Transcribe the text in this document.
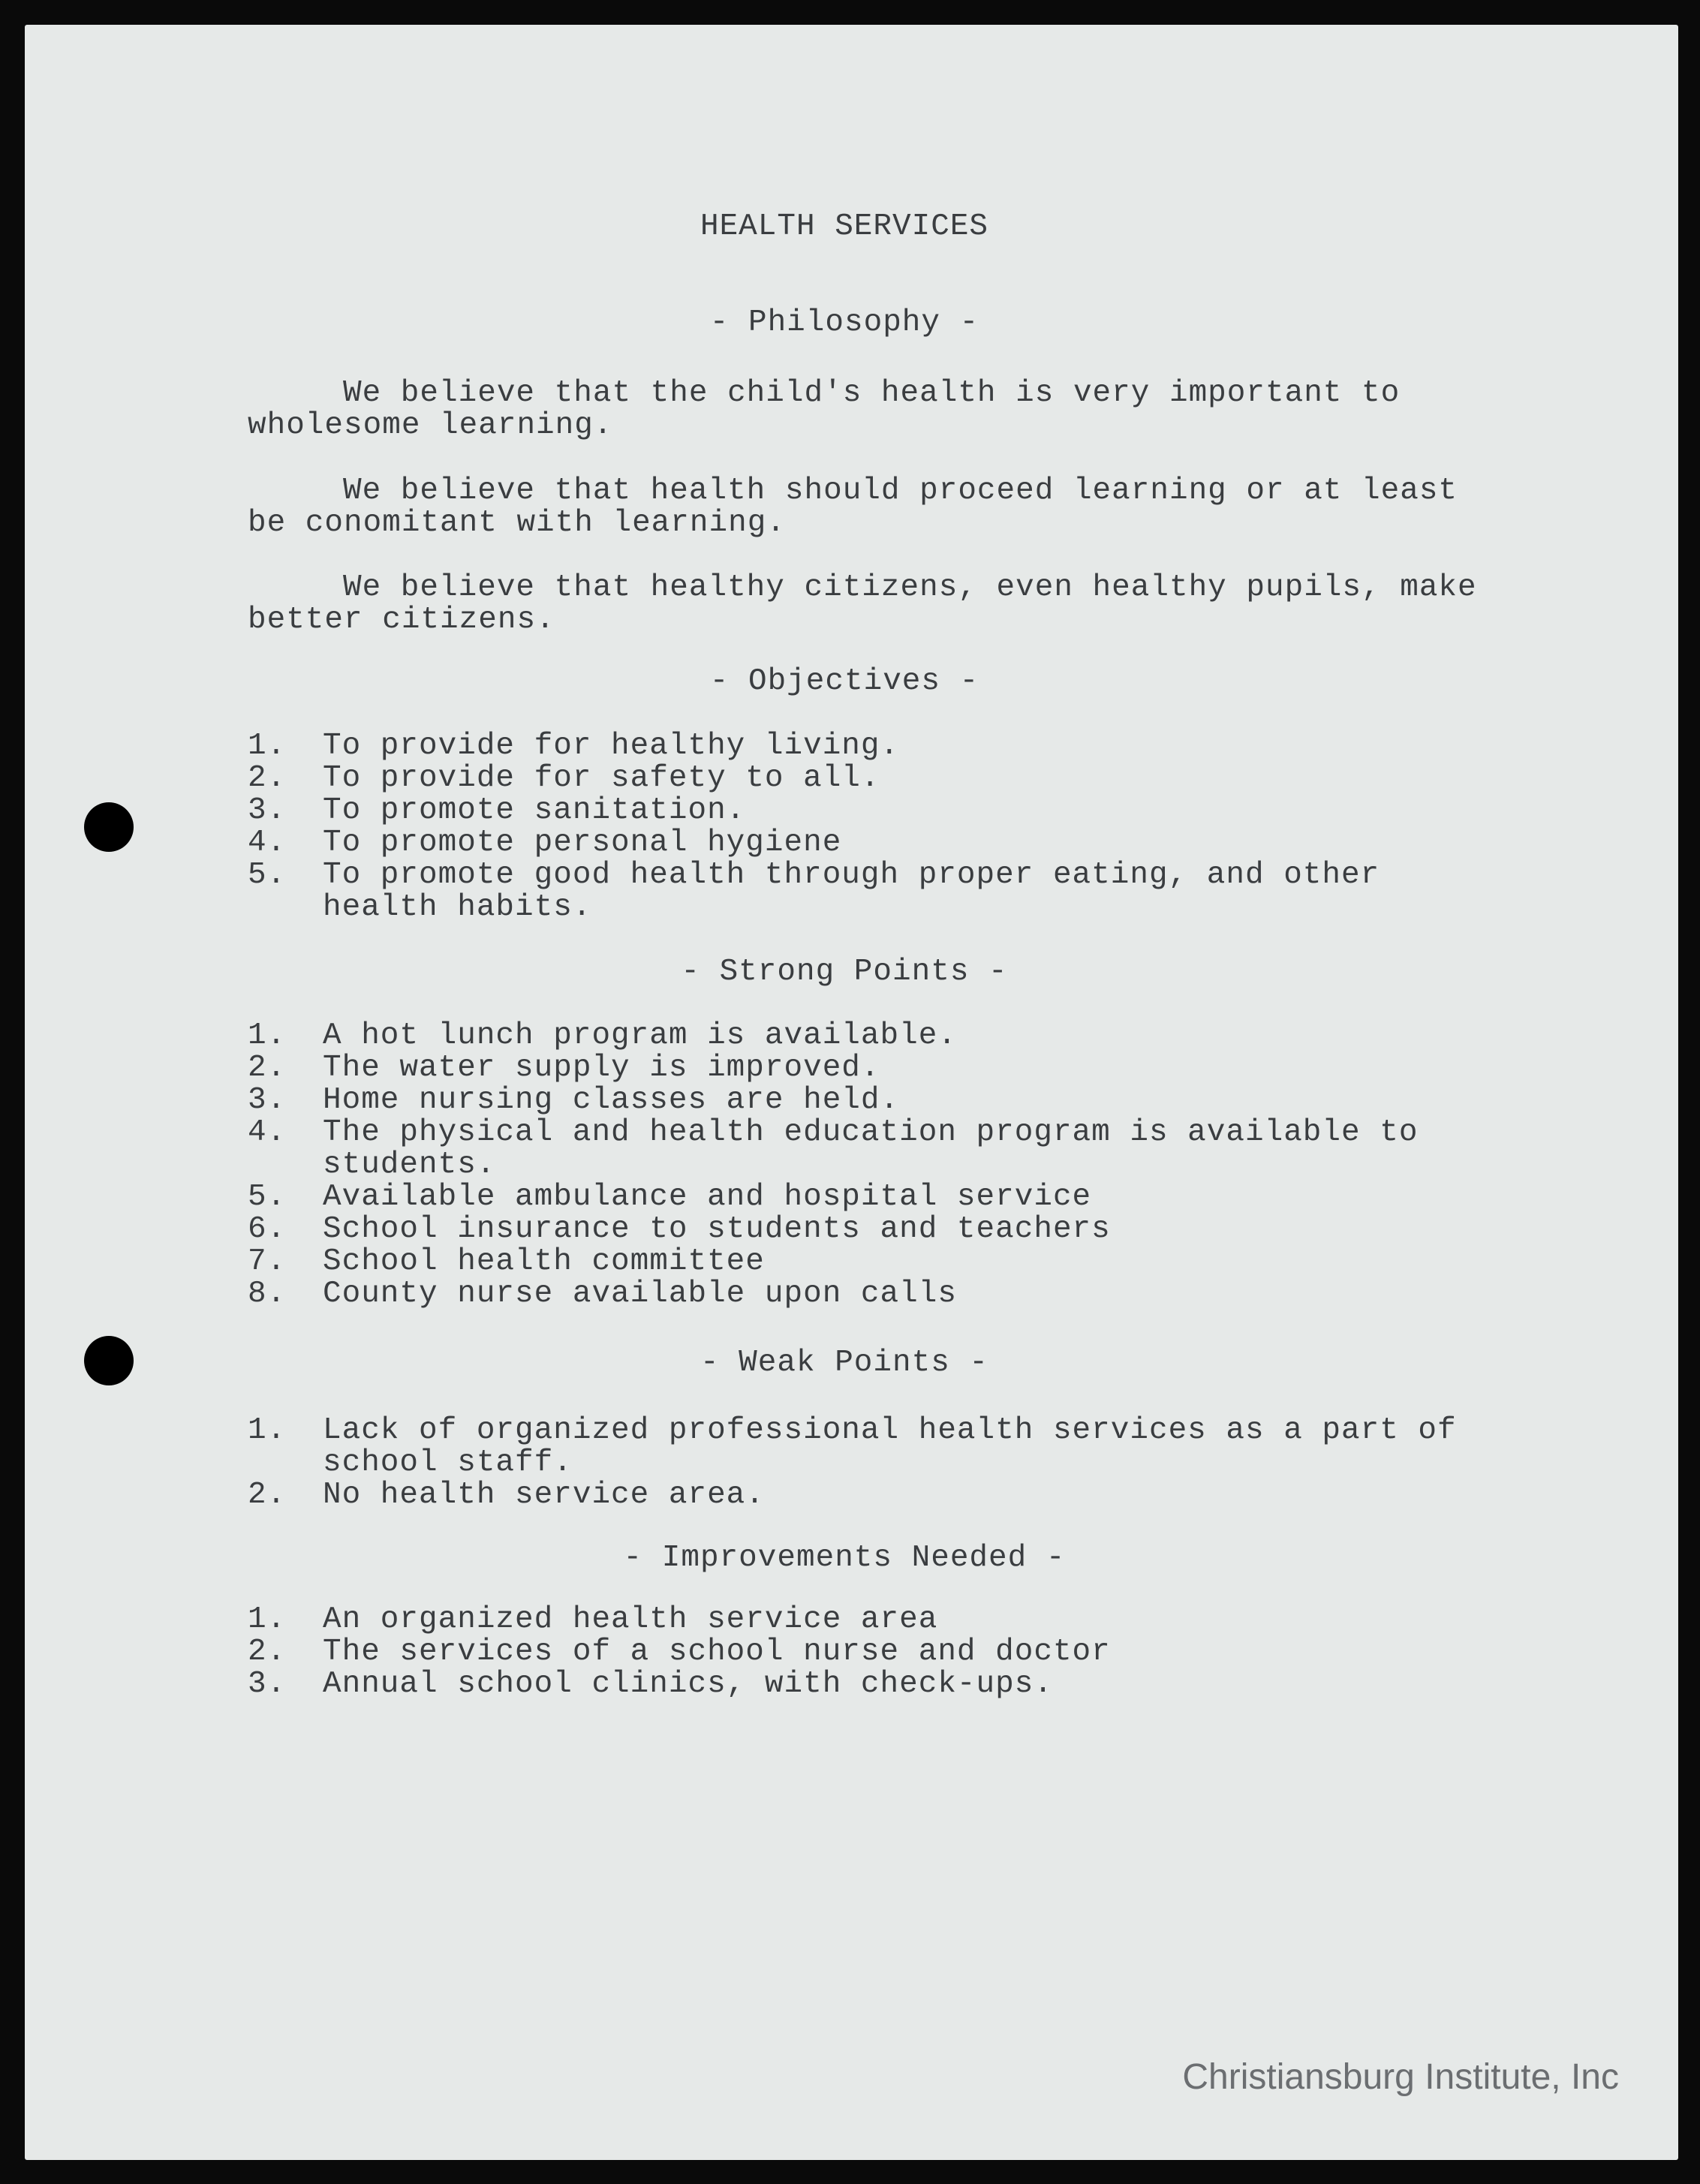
HEALTH SERVICES
- Philosophy -

We believe that the child's health is very important to wholesome learning.

We believe that health should proceed learning or at least be conomitant with learning.

We believe that healthy citizens, even healthy pupils, make better citizens.

- Objectives -
1. To provide for healthy living.
2. To provide for safety to all.
3. To promote sanitation.
4. To promote personal hygiene
5. To promote good health through proper eating, and other health habits.
- Strong Points -
1. A hot lunch program is available.
2. The water supply is improved.
3. Home nursing classes are held.
4. The physical and health education program is available to students.
5. Available ambulance and hospital service
6. School insurance to students and teachers
7. School health committee
8. County nurse available upon calls
- Weak Points -
1. Lack of organized professional health services as a part of school staff.
2. No health service area.
- Improvements Needed -
1. An organized health service area
2. The services of a school nurse and doctor
3. Annual school clinics, with check-ups.
Christiansburg Institute, Inc
